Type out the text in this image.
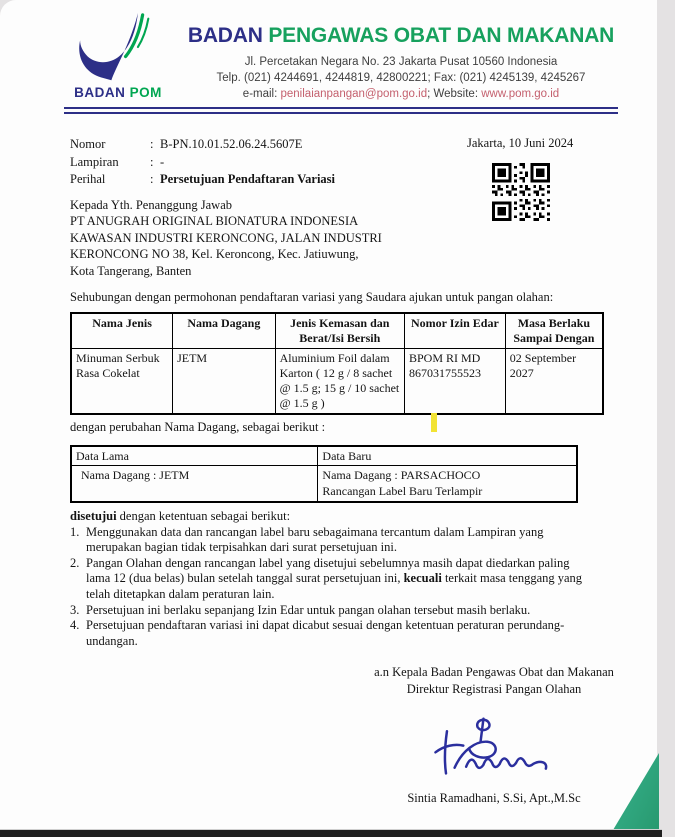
BADAN POM
BADAN PENGAWAS OBAT DAN MAKANAN
Jl. Percetakan Negara No. 23 Jakarta Pusat 10560 Indonesia
Telp. (021) 4244691, 4244819, 42800221; Fax: (021) 4245139, 4245267
e-mail: penilaianpangan@pom.go.id; Website: www.pom.go.id
Nomor	: B-PN.10.01.52.06.24.5607E
Lampiran	: -
Perihal	: Persetujuan Pendaftaran Variasi
Jakarta, 10 Juni 2024
Kepada Yth. Penanggung Jawab
PT ANUGRAH ORIGINAL BIONATURA INDONESIA
KAWASAN INDUSTRI KERONCONG, JALAN INDUSTRI
KERONCONG NO 38, Kel. Keroncong, Kec. Jatiuwung,
Kota Tangerang, Banten
Sehubungan dengan permohonan pendaftaran variasi yang Saudara ajukan untuk pangan olahan:
Nama Jenis	Nama Dagang	Jenis Kemasan dan Berat/Isi Bersih	Nomor Izin Edar	Masa Berlaku Sampai Dengan
Minuman Serbuk Rasa Cokelat	JETM	Aluminium Foil dalam Karton ( 12 g / 8 sachet @ 1.5 g; 15 g / 10 sachet @ 1.5 g )	BPOM RI MD 867031755523	02 September 2027
dengan perubahan Nama Dagang, sebagai berikut :
Data Lama	Data Baru
Nama Dagang : JETM	Nama Dagang : PARSACHOCO
Rancangan Label Baru Terlampir
disetujui dengan ketentuan sebagai berikut:
1. Menggunakan data dan rancangan label baru sebagaimana tercantum dalam Lampiran yang merupakan bagian tidak terpisahkan dari surat persetujuan ini.
2. Pangan Olahan dengan rancangan label yang disetujui sebelumnya masih dapat diedarkan paling lama 12 (dua belas) bulan setelah tanggal surat persetujuan ini, kecuali terkait masa tenggang yang telah ditetapkan dalam peraturan lain.
3. Persetujuan ini berlaku sepanjang Izin Edar untuk pangan olahan tersebut masih berlaku.
4. Persetujuan pendaftaran variasi ini dapat dicabut sesuai dengan ketentuan peraturan perundang-undangan.
a.n Kepala Badan Pengawas Obat dan Makanan
Direktur Registrasi Pangan Olahan
Sintia Ramadhani, S.Si, Apt.,M.Sc
